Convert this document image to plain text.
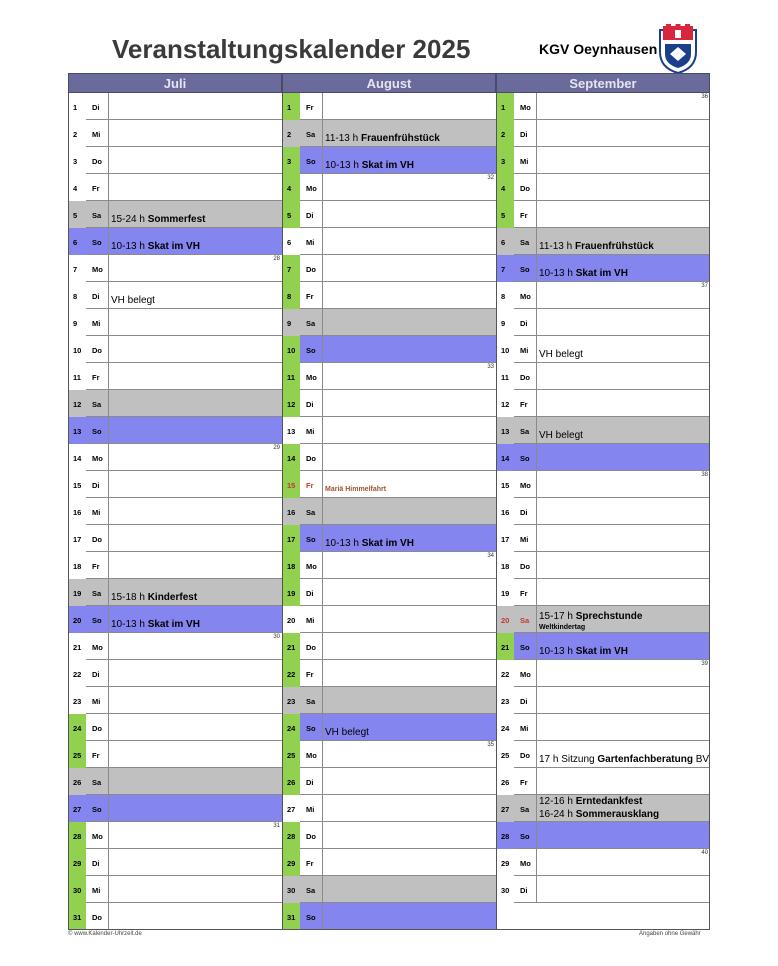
Veranstaltungskalender 2025	KGV Oeynhausen
Juli
1 Di
2 Mi
3 Do
4 Fr
5 Sa 15-24 h Sommerfest
6 So 10-13 h Skat im VH
7 Mo
28
8 Di VH belegt
9 Mi
10 Do
11 Fr
12 Sa
13 So
14 Mo
29
15 Di
16 Mi
17 Do
18 Fr
19 Sa 15-18 h Kinderfest
20 So 10-13 h Skat im VH
21 Mo
30
22 Di
23 Mi
24 Do
25 Fr
26 Sa
27 So
28 Mo
31
29 Di
30 Mi
31 Do
August
1 Fr
2 Sa 11-13 h Frauenfrühstück
3 So 10-13 h Skat im VH
4 Mo
32
5 Di
6 Mi
7 Do
8 Fr
9 Sa
10 So
11 Mo
33
12 Di
13 Mi
14 Do
15 Fr Mariä Himmelfahrt
16 Sa
17 So 10-13 h Skat im VH
18 Mo
34
19 Di
20 Mi
21 Do
22 Fr
23 Sa
24 So VH belegt
25 Mo
35
26 Di
27 Mi
28 Do
29 Fr
30 Sa
31 So
September
1 Mo
36
2 Di
3 Mi
4 Do
5 Fr
6 Sa 11-13 h Frauenfrühstück
7 So 10-13 h Skat im VH
8 Mo
37
9 Di
10 Mi VH belegt
11 Do
12 Fr
13 Sa VH belegt
14 So
15 Mo
38
16 Di
17 Mi
18 Do
19 Fr
20 Sa 15-17 h Sprechstunde
Weltkindertag
21 So 10-13 h Skat im VH
22 Mo
39
23 Di
24 Mi
25 Do 17 h Sitzung Gartenfachberatung BV
26 Fr
27 Sa
12-16 h Erntedankfest
16-24 h Sommerausklang
28 So
29 Mo
40
30 Di
© www.Kalender-Uhrzeit.de	Angaben ohne Gewähr
